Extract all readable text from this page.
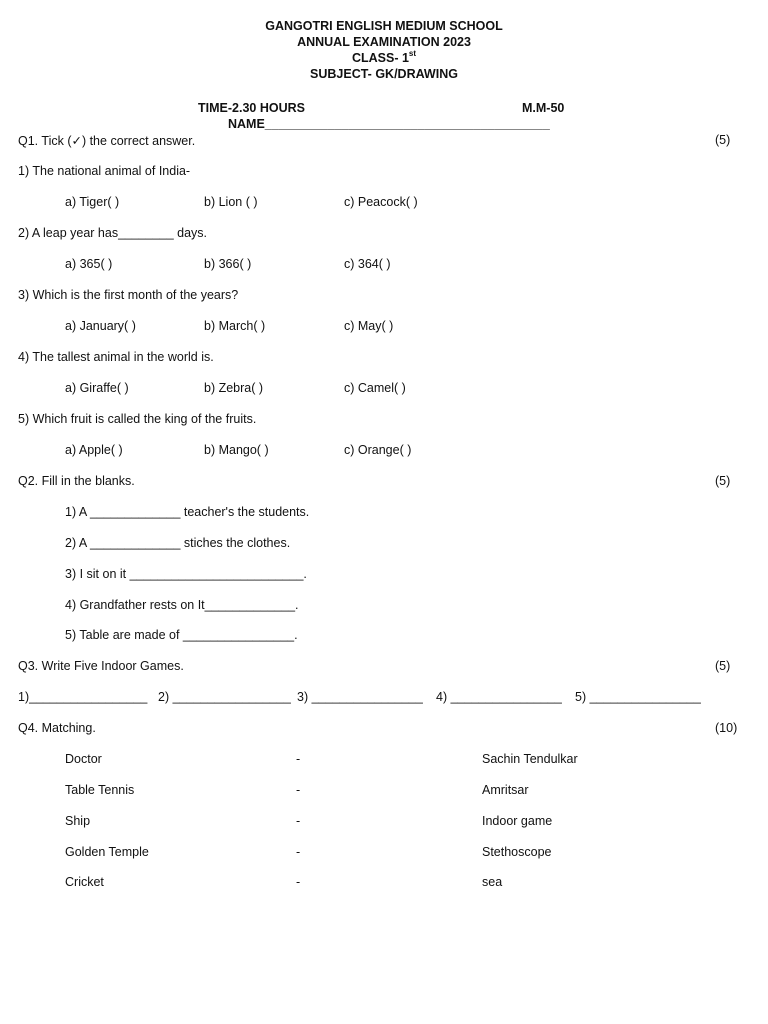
GANGOTRI ENGLISH MEDIUM SCHOOL
ANNUAL EXAMINATION 2023
CLASS- 1st
SUBJECT- GK/DRAWING
TIME-2.30 HOURS	M.M-50
NAME_________________________________________
Q1. Tick (✓) the correct answer.	(5)
1) The national animal of India-
a) Tiger( )	b) Lion ( )	c) Peacock( )
2) A leap year has________ days.
a) 365( )	b) 366( )	c) 364( )
3) Which is the first month of the years?
a) January( )	b) March( )	c) May( )
4) The tallest animal in the world is.
a) Giraffe( )	b) Zebra( )	c) Camel( )
5) Which fruit is called the king of the fruits.
a) Apple( )	b) Mango( )	c) Orange( )
Q2. Fill in the blanks.	(5)
1) A _____________ teacher's the students.
2) A _____________ stiches the clothes.
3) I sit on it _________________________.
4) Grandfather rests on It_____________.
5) Table are made of ________________.
Q3. Write Five Indoor Games.	(5)
1)_________________ 2) _________________ 3) ________________ 4) ________________ 5) ________________
Q4. Matching.	(10)
Doctor	-	Sachin Tendulkar
Table Tennis	-	Amritsar
Ship	-	Indoor game
Golden Temple	-	Stethoscope
Cricket	-	sea
